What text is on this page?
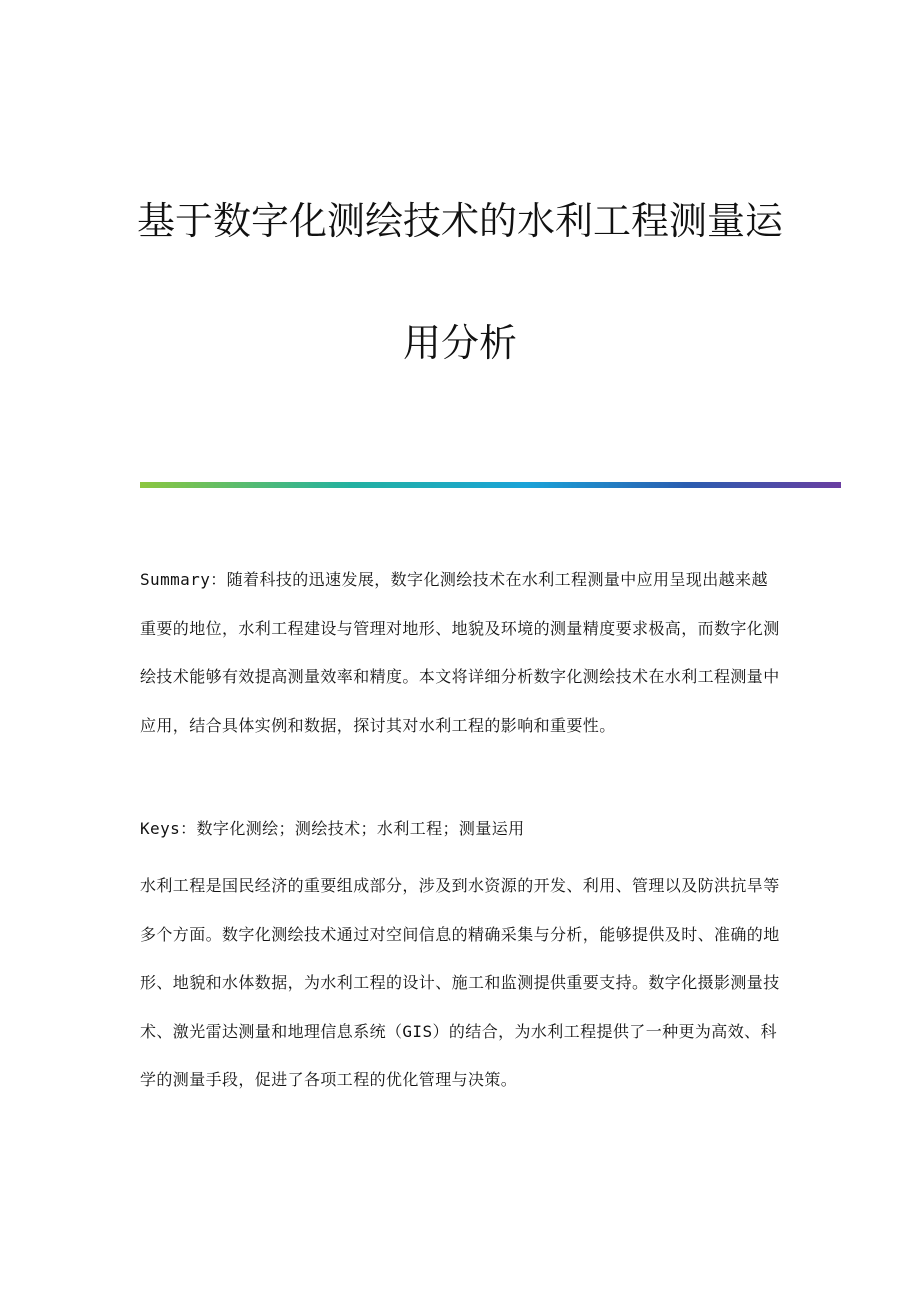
基于数字化测绘技术的水利工程测量运
用分析

Summary：随着科技的迅速发展，数字化测绘技术在水利工程测量中应用呈现出越来越重要的地位，水利工程建设与管理对地形、地貌及环境的测量精度要求极高，而数字化测绘技术能够有效提高测量效率和精度。本文将详细分析数字化测绘技术在水利工程测量中应用，结合具体实例和数据，探讨其对水利工程的影响和重要性。

Keys：数字化测绘；测绘技术；水利工程；测量运用

水利工程是国民经济的重要组成部分，涉及到水资源的开发、利用、管理以及防洪抗旱等多个方面。数字化测绘技术通过对空间信息的精确采集与分析，能够提供及时、准确的地形、地貌和水体数据，为水利工程的设计、施工和监测提供重要支持。数字化摄影测量技术、激光雷达测量和地理信息系统（GIS）的结合，为水利工程提供了一种更为高效、科学的测量手段，促进了各项工程的优化管理与决策。
